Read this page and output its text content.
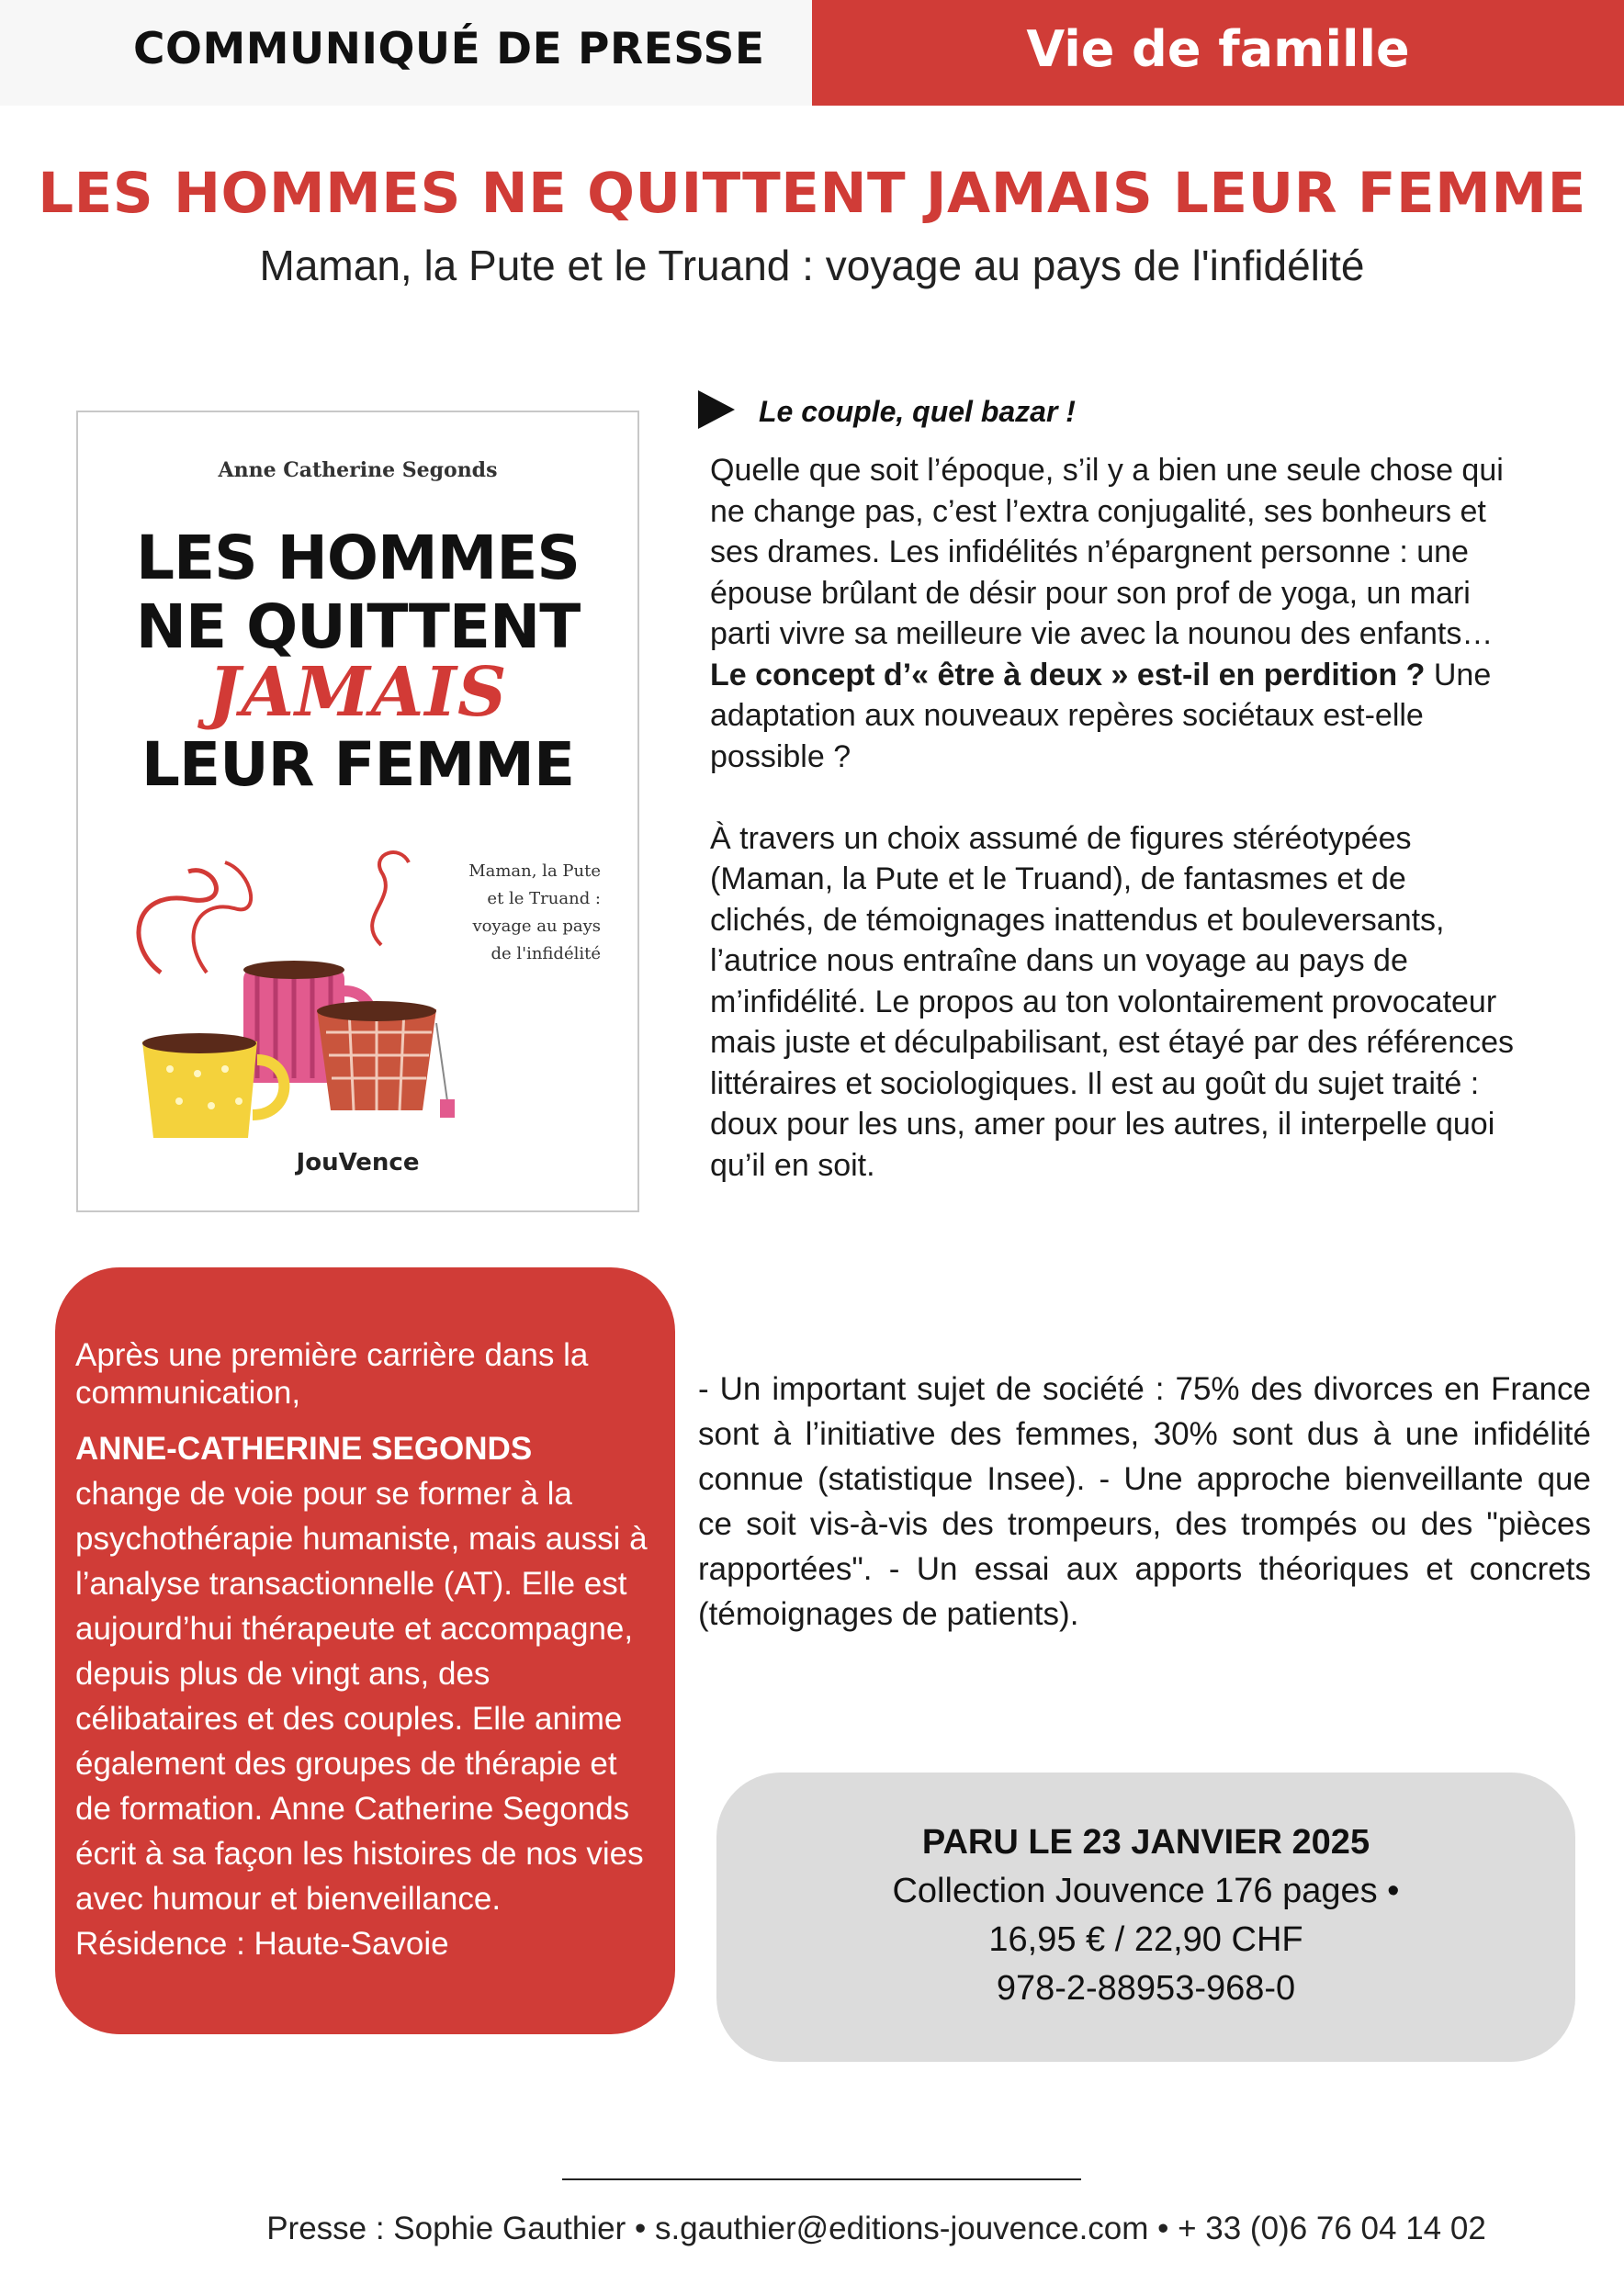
COMMUNIQUÉ DE PRESSE	Vie de famille
LES HOMMES NE QUITTENT JAMAIS LEUR FEMME
Maman, la Pute et le Truand : voyage au pays de l'infidélité
Anne Catherine Segonds
LES HOMMES
NE QUITTENT
JAMAIS
LEUR FEMME
Maman, la Pute
et le Truand :
voyage au pays
de l'infidélité
JouVence
Le couple, quel bazar !

Quelle que soit l’époque, s’il y a bien une seule chose qui ne change pas, c’est l’extra conjugalité, ses bonheurs et ses drames. Les infidélités n’épargnent personne : une épouse brûlant de désir pour son prof de yoga, un mari parti vivre sa meilleure vie avec la nounou des enfants… Le concept d’« être à deux » est-il en perdition ? Une adaptation aux nouveaux repères sociétaux est-elle possible ?

À travers un choix assumé de figures stéréotypées (Maman, la Pute et le Truand), de fantasmes et de clichés, de témoignages inattendus et bouleversants, l’autrice nous entraîne dans un voyage au pays de m’infidélité. Le propos au ton volontairement provocateur mais juste et déculpabilisant, est étayé par des références littéraires et sociologiques. Il est au goût du sujet traité : doux pour les uns, amer pour les autres, il interpelle quoi qu’il en soit.

Après une première carrière dans la communication,
ANNE-CATHERINE SEGONDS
change de voie pour se former à la psychothérapie humaniste, mais aussi à l’analyse transactionnelle (AT). Elle est aujourd’hui thérapeute et accompagne, depuis plus de vingt ans, des célibataires et des couples. Elle anime également des groupes de thérapie et de formation. Anne Catherine Segonds écrit à sa façon les histoires de nos vies avec humour et bienveillance. Résidence : Haute-Savoie
- Un important sujet de société : 75% des divorces en France sont à l’initiative des femmes, 30% sont dus à une infidélité connue (statistique Insee). - Une approche bienveillante que ce soit vis-à-vis des trompeurs, des trompés ou des "pièces rapportées". - Un essai aux apports théoriques et concrets (témoignages de patients).
PARU LE 23 JANVIER 2025
Collection Jouvence 176 pages •
16,95 € / 22,90 CHF
978-2-88953-968-0
Presse : Sophie Gauthier • s.gauthier@editions-jouvence.com • + 33 (0)6 76 04 14 02
